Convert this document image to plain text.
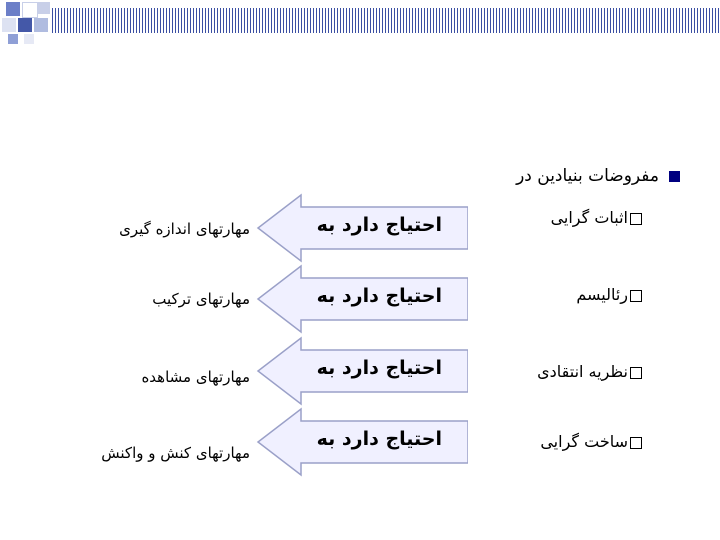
مفروضات بنیادین در
اثبات گرایی
احتیاج دارد به
مهارتهای اندازه گیری
رئالیسم
احتیاج دارد به
مهارتهای ترکیب
نظریه انتقادی
احتیاج دارد به
مهارتهای مشاهده
ساخت گرایی
احتیاج دارد به
مهارتهای کنش و واکنش
